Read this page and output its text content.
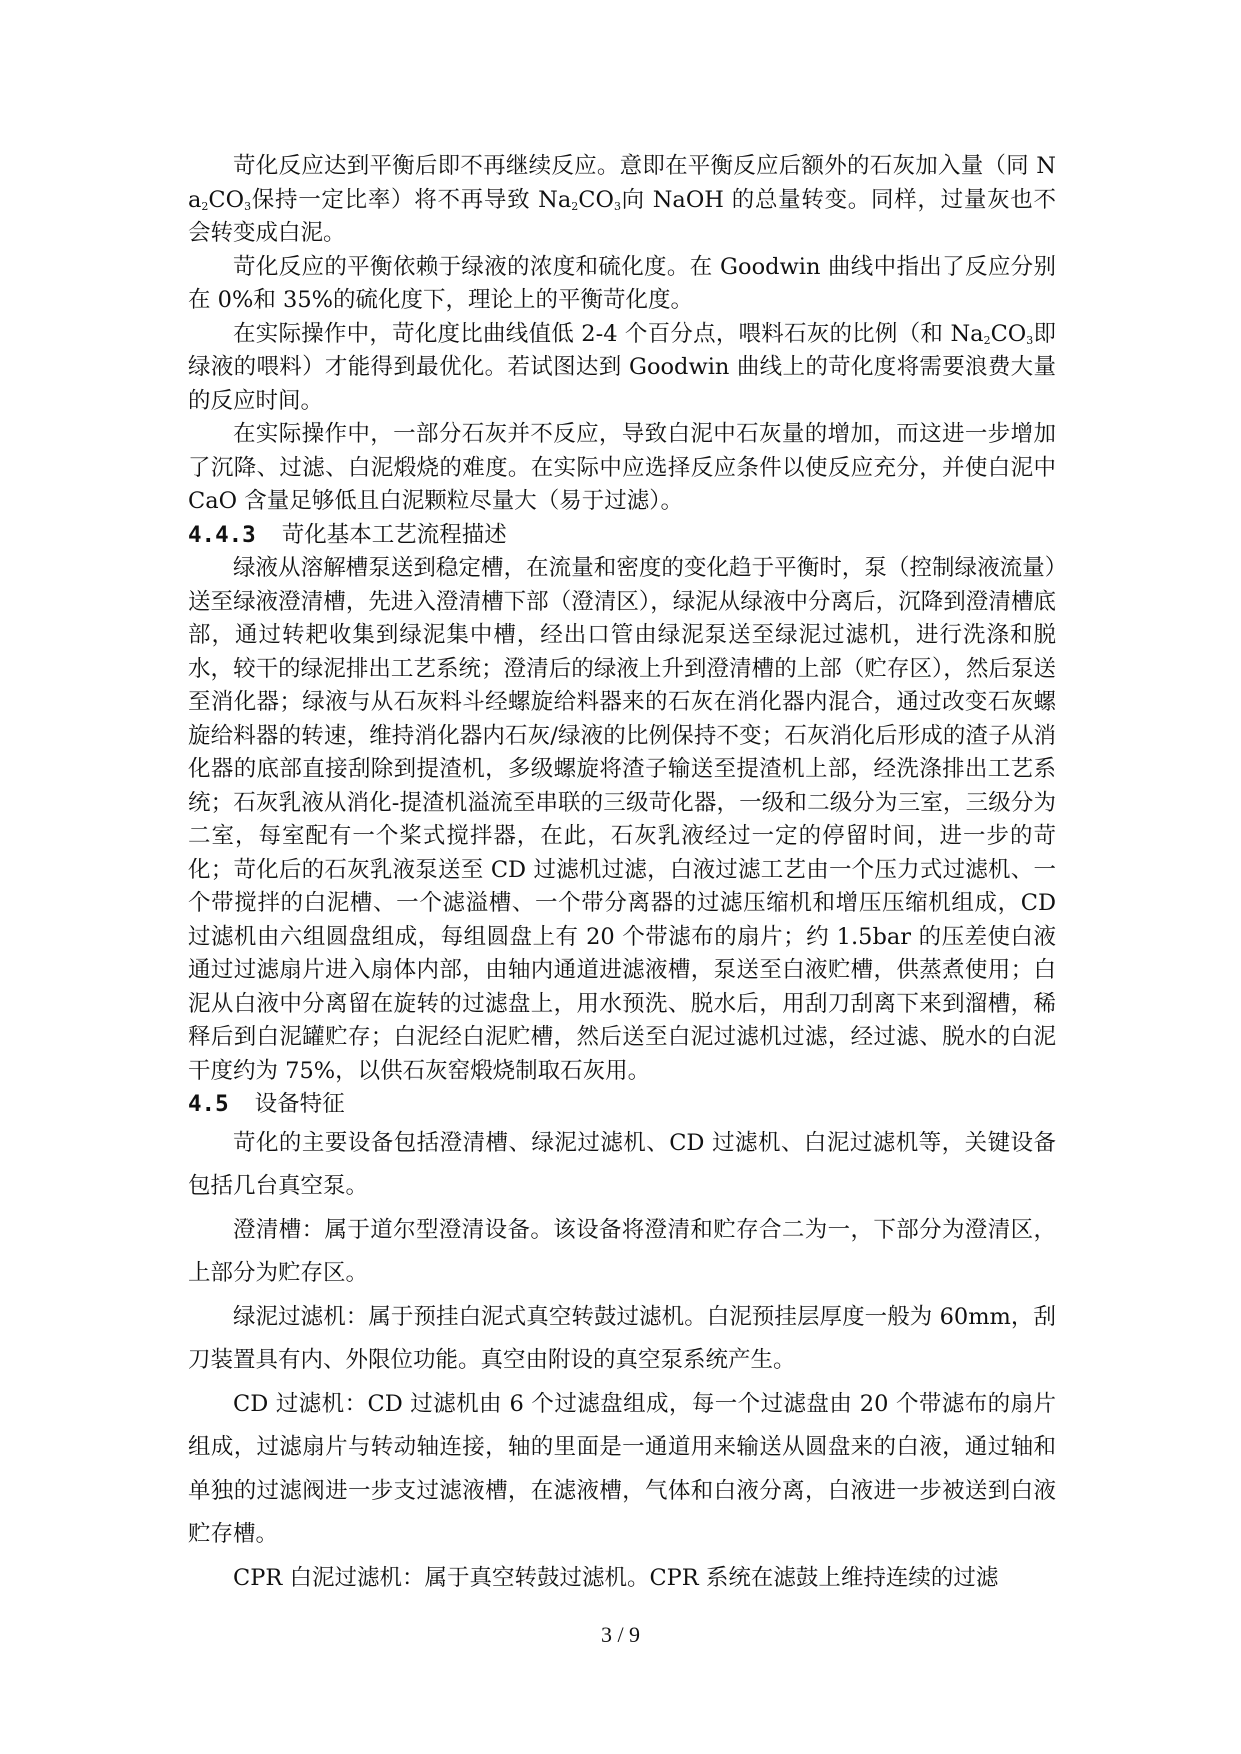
苛化反应达到平衡后即不再继续反应。意即在平衡反应后额外的石灰加入量（同 $Na_2CO_3$保持一定比率）将不再导致 $Na_2CO_3$向 NaOH 的总量转变。同样，过量灰也不会转变成白泥。

苛化反应的平衡依赖于绿液的浓度和硫化度。在 Goodwin 曲线中指出了反应分别在 0%和 35%的硫化度下，理论上的平衡苛化度。

在实际操作中，苛化度比曲线值低 2-4 个百分点，喂料石灰的比例（和 $Na_2CO_3$即绿液的喂料）才能得到最优化。若试图达到 Goodwin 曲线上的苛化度将需要浪费大量的反应时间。

在实际操作中，一部分石灰并不反应，导致白泥中石灰量的增加，而这进一步增加了沉降、过滤、白泥煅烧的难度。在实际中应选择反应条件以使反应充分，并使白泥中 CaO 含量足够低且白泥颗粒尽量大（易于过滤）。

4.4.3 苛化基本工艺流程描述

绿液从溶解槽泵送到稳定槽，在流量和密度的变化趋于平衡时，泵（控制绿液流量）送至绿液澄清槽，先进入澄清槽下部（澄清区），绿泥从绿液中分离后，沉降到澄清槽底部，通过转耙收集到绿泥集中槽，经出口管由绿泥泵送至绿泥过滤机，进行洗涤和脱水，较干的绿泥排出工艺系统；澄清后的绿液上升到澄清槽的上部（贮存区），然后泵送至消化器；绿液与从石灰料斗经螺旋给料器来的石灰在消化器内混合，通过改变石灰螺旋给料器的转速，维持消化器内石灰/绿液的比例保持不变；石灰消化后形成的渣子从消化器的底部直接刮除到提渣机，多级螺旋将渣子输送至提渣机上部，经洗涤排出工艺系统；石灰乳液从消化-提渣机溢流至串联的三级苛化器，一级和二级分为三室，三级分为二室，每室配有一个桨式搅拌器，在此，石灰乳液经过一定的停留时间，进一步的苛化；苛化后的石灰乳液泵送至 CD 过滤机过滤，白液过滤工艺由一个压力式过滤机、一个带搅拌的白泥槽、一个滤溢槽、一个带分离器的过滤压缩机和增压压缩机组成，CD 过滤机由六组圆盘组成，每组圆盘上有 20 个带滤布的扇片；约 1.5bar 的压差使白液通过过滤扇片进入扇体内部，由轴内通道进滤液槽，泵送至白液贮槽，供蒸煮使用；白泥从白液中分离留在旋转的过滤盘上，用水预洗、脱水后，用刮刀刮离下来到溜槽，稀释后到白泥罐贮存；白泥经白泥贮槽，然后送至白泥过滤机过滤，经过滤、脱水的白泥干度约为 75%，以供石灰窑煅烧制取石灰用。

4.5 设备特征

苛化的主要设备包括澄清槽、绿泥过滤机、CD 过滤机、白泥过滤机等，关键设备包括几台真空泵。

澄清槽：属于道尔型澄清设备。该设备将澄清和贮存合二为一，下部分为澄清区，上部分为贮存区。

绿泥过滤机：属于预挂白泥式真空转鼓过滤机。白泥预挂层厚度一般为 60mm，刮刀装置具有内、外限位功能。真空由附设的真空泵系统产生。

CD 过滤机：CD 过滤机由 6 个过滤盘组成，每一个过滤盘由 20 个带滤布的扇片组成，过滤扇片与转动轴连接，轴的里面是一通道用来输送从圆盘来的白液，通过轴和单独的过滤阀进一步支过滤液槽，在滤液槽，气体和白液分离，白液进一步被送到白液贮存槽。

CPR 白泥过滤机：属于真空转鼓过滤机。CPR 系统在滤鼓上维持连续的过滤

3 / 9
